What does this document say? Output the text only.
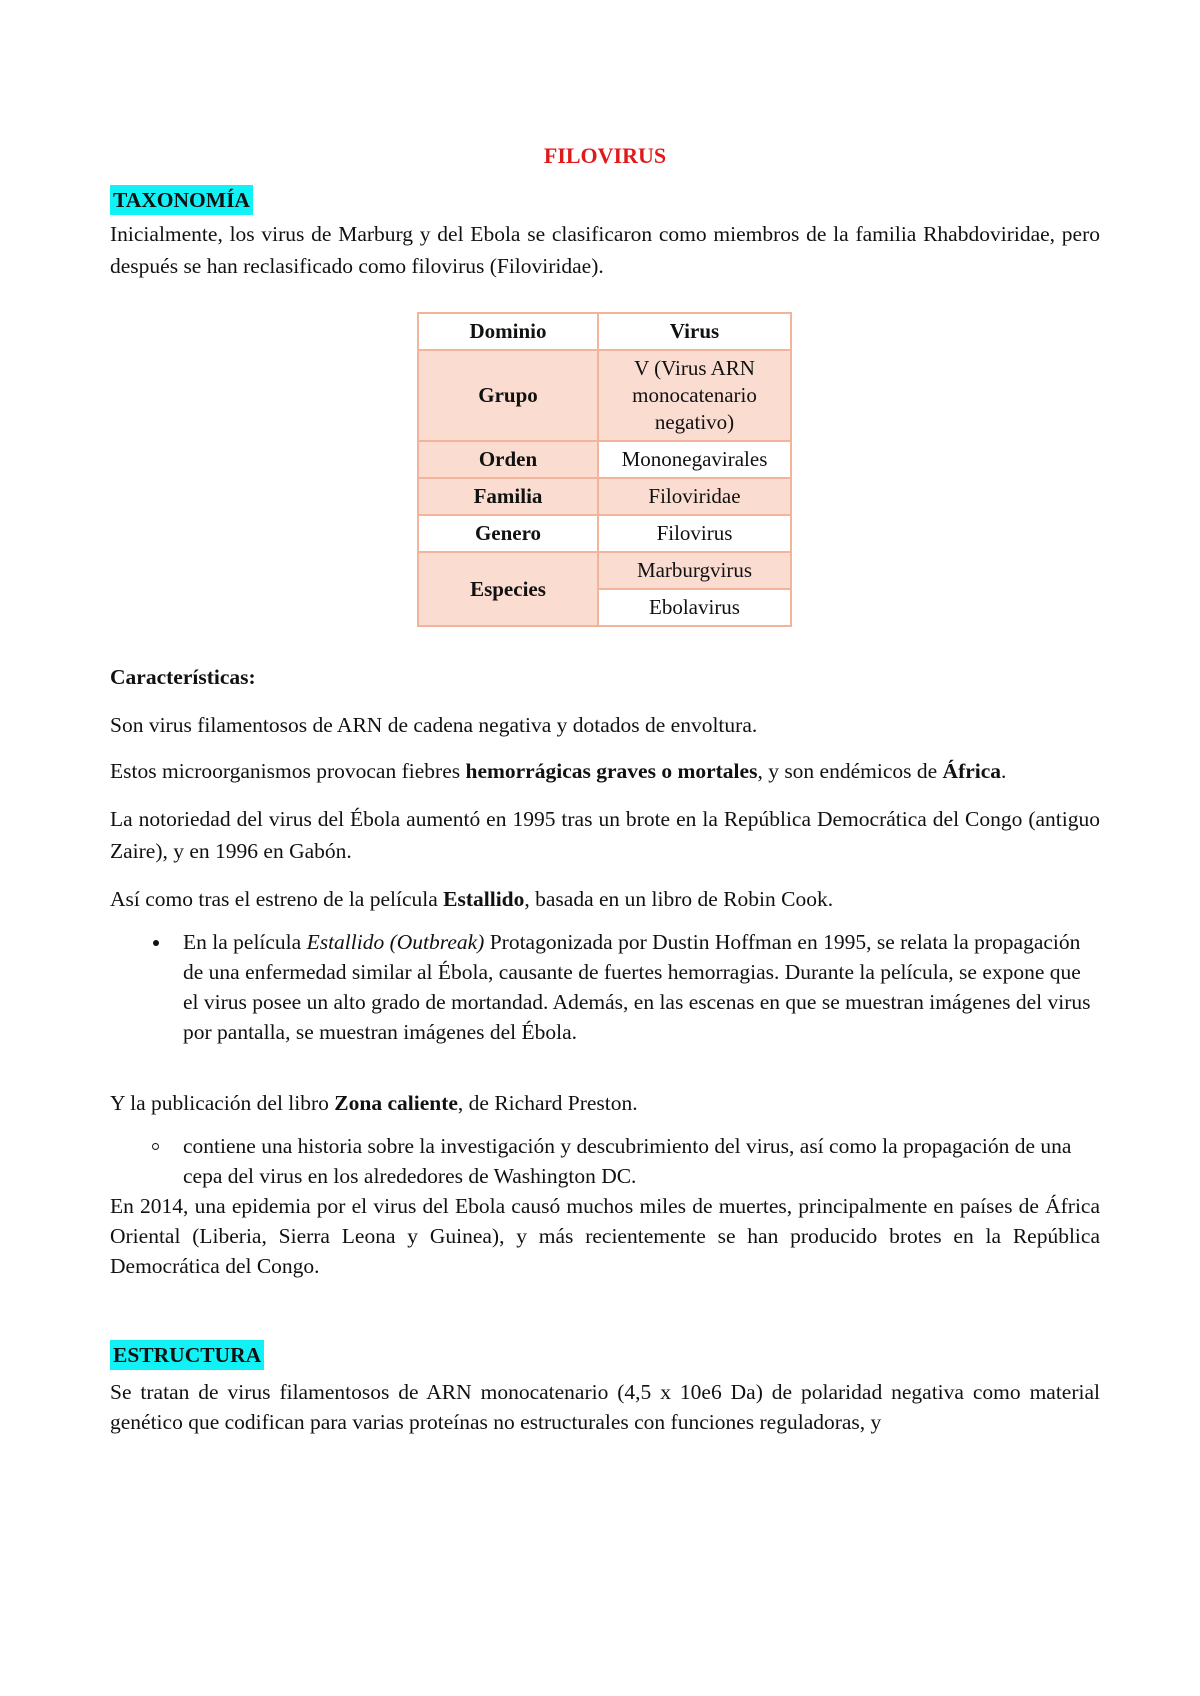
FILOVIRUS
TAXONOMÍA

Inicialmente, los virus de Marburg y del Ebola se clasificaron como miembros de la familia Rhabdoviridae, pero después se han reclasificado como filovirus (Filoviridae).

Dominio	Virus
Grupo	V (Virus ARN monocatenario negativo)
Orden	Mononegavirales
Familia	Filoviridae
Genero	Filovirus
Especies	Marburgvirus
	Ebolavirus

Características:

Son virus filamentosos de ARN de cadena negativa y dotados de envoltura.

Estos microorganismos provocan fiebres hemorrágicas graves o mortales, y son endémicos de África.

La notoriedad del virus del Ébola aumentó en 1995 tras un brote en la República Democrática del Congo (antiguo Zaire), y en 1996 en Gabón.

Así como tras el estreno de la película Estallido, basada en un libro de Robin Cook.

En la película Estallido (Outbreak) Protagonizada por Dustin Hoffman en 1995, se relata la propagación de una enfermedad similar al Ébola, causante de fuertes hemorragias. Durante la película, se expone que el virus posee un alto grado de mortandad. Además, en las escenas en que se muestran imágenes del virus por pantalla, se muestran imágenes del Ébola.

Y la publicación del libro Zona caliente, de Richard Preston.

contiene una historia sobre la investigación y descubrimiento del virus, así como la propagación de una cepa del virus en los alrededores de Washington DC.

En 2014, una epidemia por el virus del Ebola causó muchos miles de muertes, principalmente en países de África Oriental (Liberia, Sierra Leona y Guinea), y más recientemente se han producido brotes en la República Democrática del Congo.

ESTRUCTURA

Se tratan de virus filamentosos de ARN monocatenario (4,5 x 10e6 Da) de polaridad negativa como material genético que codifican para varias proteínas no estructurales con funciones reguladoras, y
